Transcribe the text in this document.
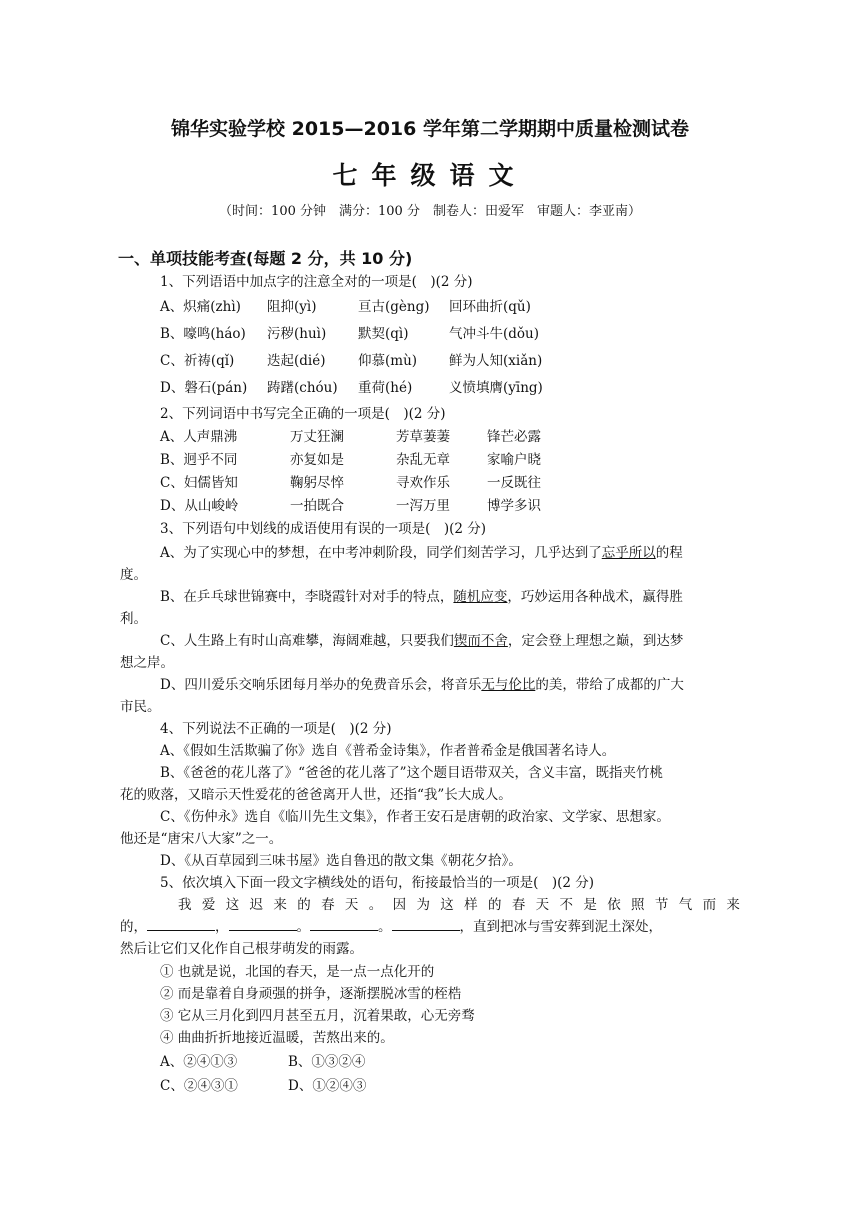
锦华实验学校 2015—2016 学年第二学期期中质量检测试卷
七年级语文
（时间：100 分钟　满分：100 分　制卷人：田爱军　审题人：李亚南）
一、单项技能考查(每题 2 分，共 10 分)
1、下列语语中加点字的注意全对的一项是(　)(2 分)
A、炽痛(zhì) 阻抑(yì)	亘古(gèng) 回环曲折(qǔ)
B、嚎鸣(háo) 污秽(huì) 默契(qì)	气冲斗牛(dǒu)
C、祈祷(qǐ) 迭起(dié) 仰慕(mù) 鲜为人知(xiǎn)
D、磐石(pán) 踌躇(chóu) 重荷(hé)	义愤填膺(yīng)
2、下列词语中书写完全正确的一项是(　)(2 分)
A、人声鼎沸	万丈狂澜	芳草萋萋	锋芒必露
B、迥乎不同	亦复如是	杂乱无章	家喻户晓
C、妇儒皆知	鞠躬尽悴	寻欢作乐	一反既往
D、从山峻岭	一拍既合	一泻万里	博学多识
3、下列语句中划线的成语使用有误的一项是(　)(2 分)
A、为了实现心中的梦想，在中考冲刺阶段，同学们刻苦学习，几乎达到了忘乎所以的程
度。
B、在乒乓球世锦赛中，李晓霞针对对手的特点，随机应变，巧妙运用各种战术，赢得胜
利。
C、人生路上有时山高难攀，海阔难越，只要我们锲而不舍，定会登上理想之巅，到达梦
想之岸。
D、四川爱乐交响乐团每月举办的免费音乐会，将音乐无与伦比的美，带给了成都的广大
市民。
4、下列说法不正确的一项是(　)(2 分)
A、《假如生活欺骗了你》选自《普希金诗集》，作者普希金是俄国著名诗人。
B、《爸爸的花儿落了》“爸爸的花儿落了”这个题目语带双关，含义丰富，既指夹竹桃
花的败落，又暗示天性爱花的爸爸离开人世，还指“我”长大成人。
C、《伤仲永》选自《临川先生文集》，作者王安石是唐朝的政治家、文学家、思想家。
他还是“唐宋八大家”之一。
D、《从百草园到三味书屋》选自鲁迅的散文集《朝花夕拾》。
5、依次填入下面一段文字横线处的语句，衔接最恰当的一项是(　)(2 分)
我 爱 这 迟 来 的 春 天 。 因 为 这 样 的 春 天 不 是 依 照 节 气 而 来
的，	，	。	。	，直到把冰与雪安葬到泥土深处，
然后让它们又化作自己根芽萌发的雨露。
① 也就是说，北国的春天，是一点一点化开的
② 而是靠着自身顽强的拼争，逐渐摆脱冰雪的桎梏
③ 它从三月化到四月甚至五月，沉着果敢，心无旁骛
④ 曲曲折折地接近温暖，苦熬出来的。
A、②④①③	B、①③②④
C、②④③①	D、①②④③
